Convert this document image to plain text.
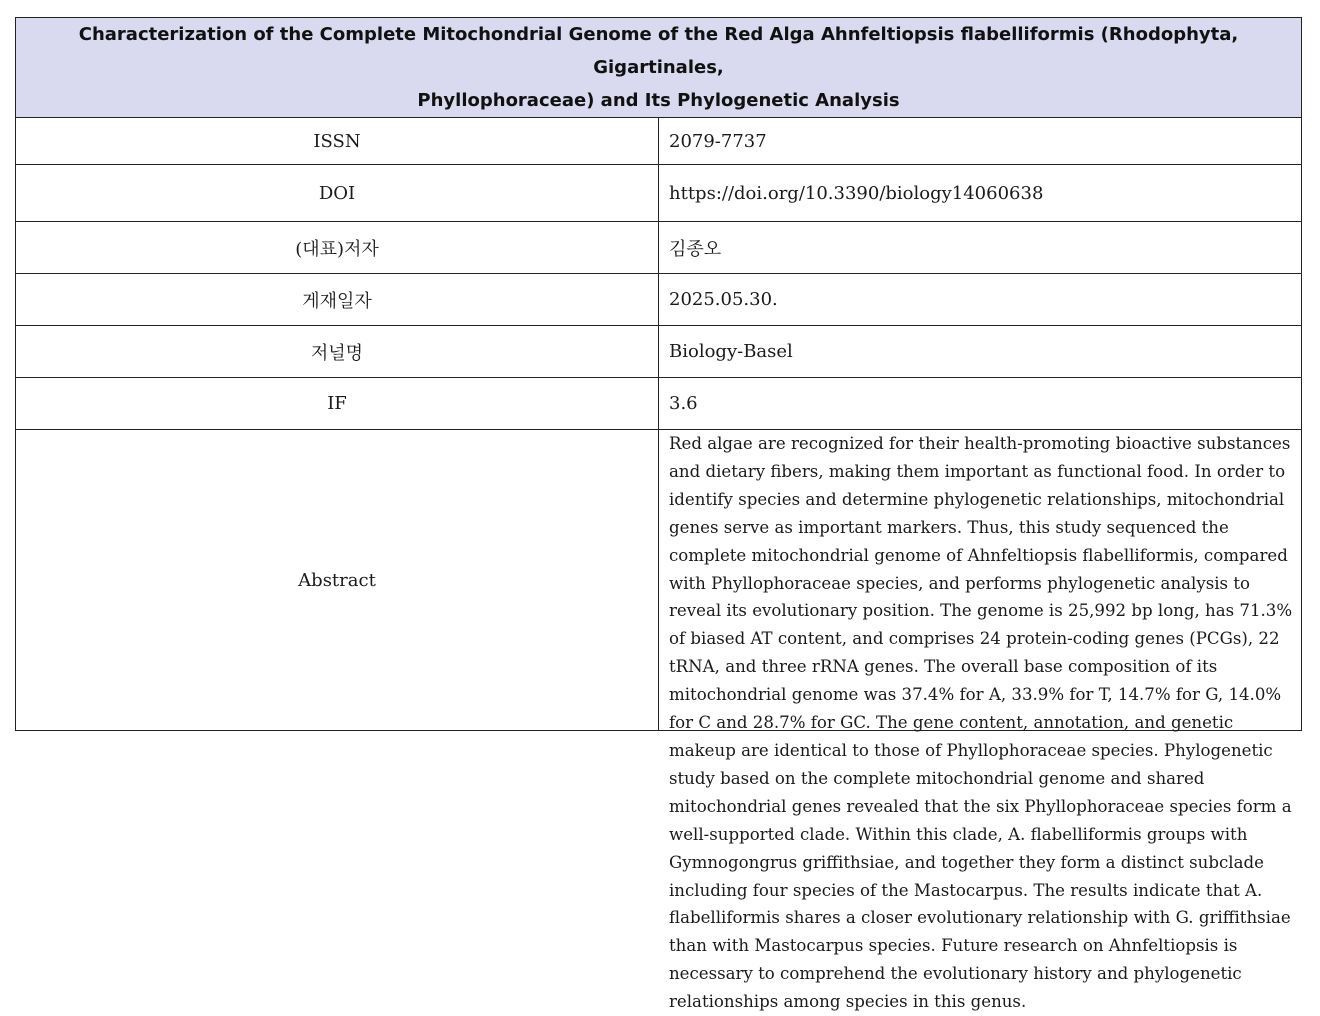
Characterization of the Complete Mitochondrial Genome of the Red Alga Ahnfeltiopsis flabelliformis (Rhodophyta, Gigartinales,
Phyllophoraceae) and Its Phylogenetic Analysis	

ISSN	2079-7737
DOI	https://doi.org/10.3390/biology14060638
(대표)저자	김종오
게재일자	2025.05.30.
저널명	Biology-Basel
IF	3.6
Abstract	Red algae are recognized for their health-promoting bioactive substances and dietary fibers, making them important as functional food. In order to identify species and determine phylogenetic relationships, mitochondrial genes serve as important markers. Thus, this study sequenced the complete mitochondrial genome of Ahnfeltiopsis flabelliformis, compared with Phyllophoraceae species, and performs phylogenetic analysis to reveal its evolutionary position. The genome is 25,992 bp long, has 71.3% of biased AT content, and comprises 24 protein-coding genes (PCGs), 22 tRNA, and three rRNA genes. The overall base composition of its mitochondrial genome was 37.4% for A, 33.9% for T, 14.7% for G, 14.0% for C and 28.7% for GC. The gene content, annotation, and genetic makeup are identical to those of Phyllophoraceae species. Phylogenetic study based on the complete mitochondrial genome and shared mitochondrial genes revealed that the six Phyllophoraceae species form a well-supported clade. Within this clade, A. flabelliformis groups with Gymnogongrus griffithsiae, and together they form a distinct subclade including four species of the Mastocarpus. The results indicate that A. flabelliformis shares a closer evolutionary relationship with G. griffithsiae than with Mastocarpus species. Future research on Ahnfeltiopsis is necessary to comprehend the evolutionary history and phylogenetic relationships among species in this genus.
